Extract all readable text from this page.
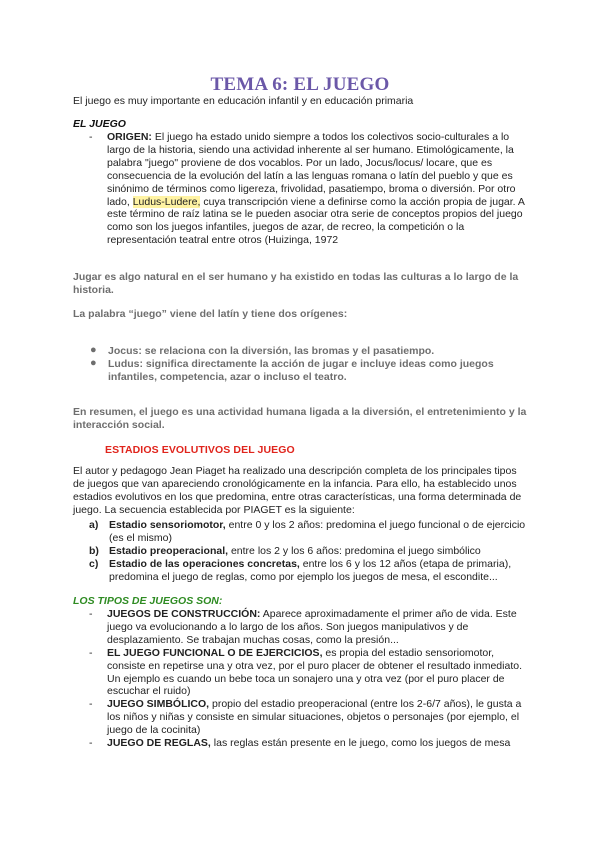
TEMA 6: EL JUEGO
El juego es muy importante en educación infantil y en educación primaria
EL JUEGO
- ORIGEN: El juego ha estado unido siempre a todos los colectivos socio-culturales a lo largo de la historia, siendo una actividad inherente al ser humano. Etimológicamente, la palabra "juego" proviene de dos vocablos. Por un lado, Jocus/locus/ locare, que es consecuencia de la evolución del latín a las lenguas romana o latín del pueblo y que es sinónimo de términos como ligereza, frivolidad, pasatiempo, broma o diversión. Por otro lado, Ludus-Ludere, cuya transcripción viene a definirse como la acción propia de jugar. A este término de raíz latina se le pueden asociar otra serie de conceptos propios del juego como son los juegos infantiles, juegos de azar, de recreo, la competición o la representación teatral entre otros (Huizinga, 1972
Jugar es algo natural en el ser humano y ha existido en todas las culturas a lo largo de la historia.
La palabra “juego” viene del latín y tiene dos orígenes:
● Jocus: se relaciona con la diversión, las bromas y el pasatiempo.
● Ludus: significa directamente la acción de jugar e incluye ideas como juegos infantiles, competencia, azar o incluso el teatro.
En resumen, el juego es una actividad humana ligada a la diversión, el entretenimiento y la interacción social.
ESTADIOS EVOLUTIVOS DEL JUEGO
El autor y pedagogo Jean Piaget ha realizado una descripción completa de los principales tipos de juegos que van apareciendo cronológicamente en la infancia. Para ello, ha establecido unos estadios evolutivos en los que predomina, entre otras características, una forma determinada de juego. La secuencia establecida por PIAGET es la siguiente:
a) Estadio sensoriomotor, entre 0 y los 2 años: predomina el juego funcional o de ejercicio (es el mismo)
b) Estadio preoperacional, entre los 2 y los 6 años: predomina el juego simbólico
c) Estadio de las operaciones concretas, entre los 6 y los 12 años (etapa de primaria), predomina el juego de reglas, como por ejemplo los juegos de mesa, el escondite...
LOS TIPOS DE JUEGOS SON:
- JUEGOS DE CONSTRUCCIÓN: Aparece aproximadamente el primer año de vida. Este juego va evolucionando a lo largo de los años. Son juegos manipulativos y de desplazamiento. Se trabajan muchas cosas, como la presión...
- EL JUEGO FUNCIONAL O DE EJERCICIOS, es propia del estadio sensoriomotor, consiste en repetirse una y otra vez, por el puro placer de obtener el resultado inmediato. Un ejemplo es cuando un bebe toca un sonajero una y otra vez (por el puro placer de escuchar el ruido)
- JUEGO SIMBÓLICO, propio del estadio preoperacional (entre los 2-6/7 años), le gusta a los niños y niñas y consiste en simular situaciones, objetos o personajes (por ejemplo, el juego de la cocinita)
- JUEGO DE REGLAS, las reglas están presente en le juego, como los juegos de mesa
